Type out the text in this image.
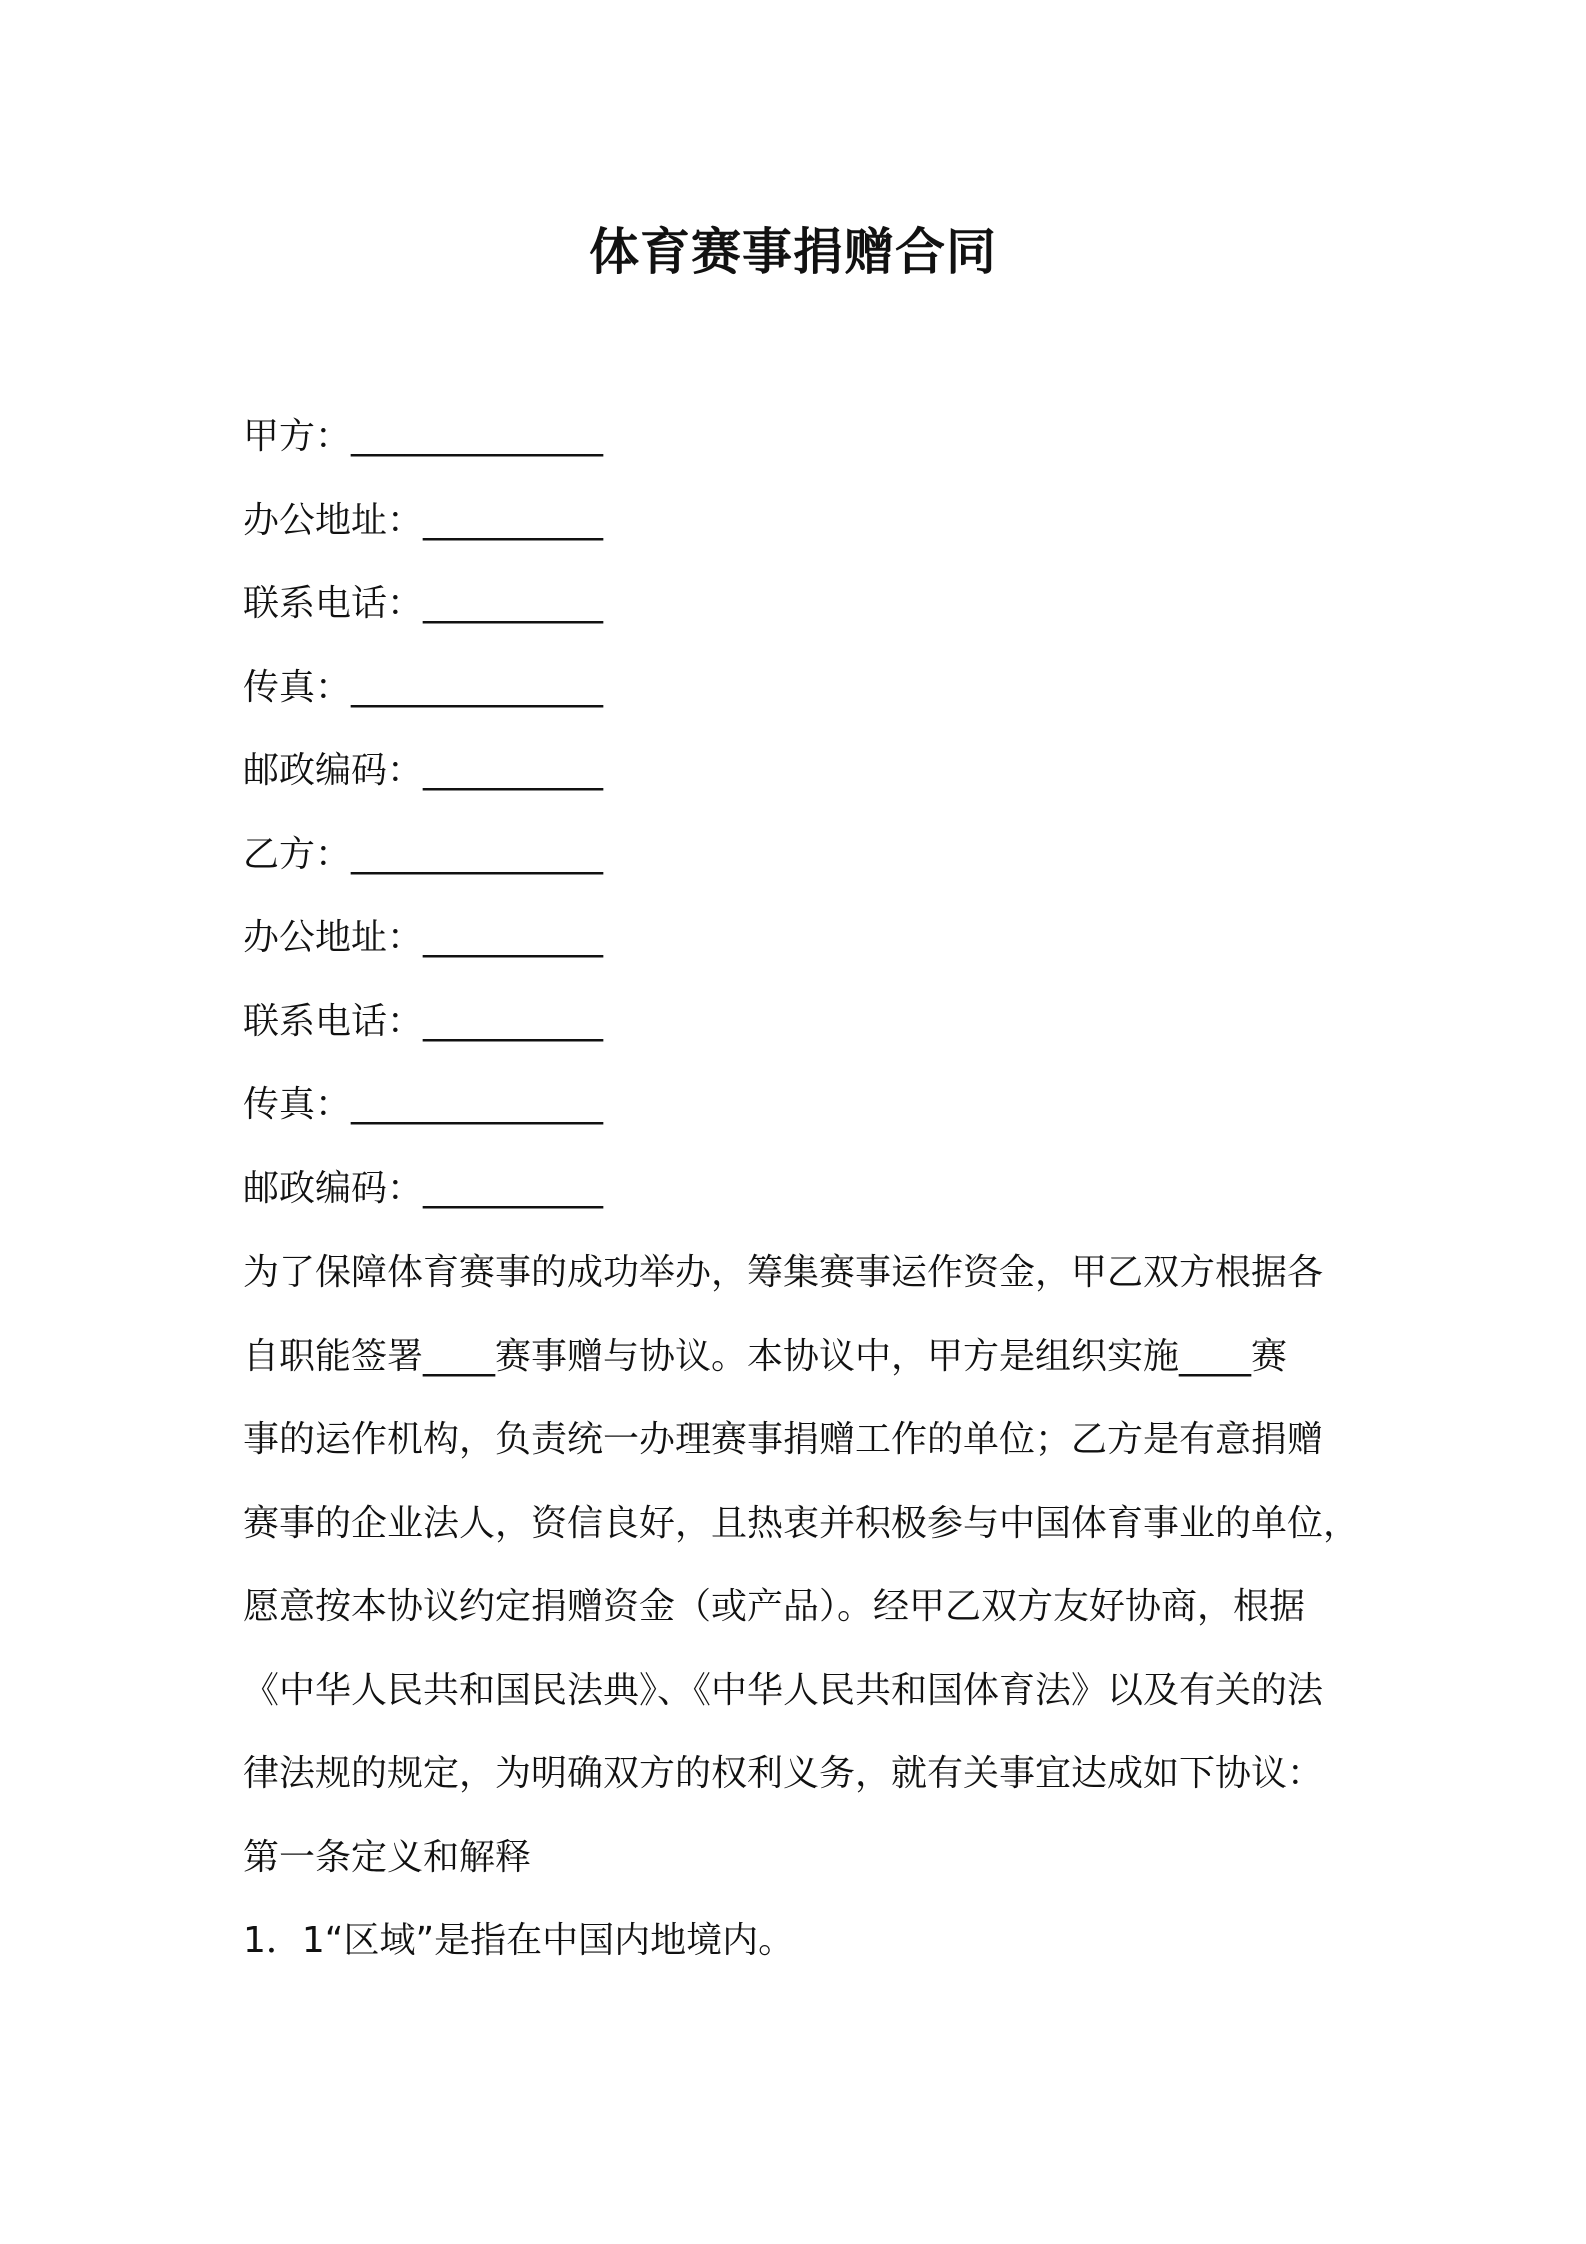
体育赛事捐赠合同
甲方：______________
办公地址：__________
联系电话：__________
传真：______________
邮政编码：__________
乙方：______________
办公地址：__________
联系电话：__________
传真：______________
邮政编码：__________
为了保障体育赛事的成功举办，筹集赛事运作资金，甲乙双方根据各
自职能签署____赛事赠与协议。本协议中，甲方是组织实施____赛
事的运作机构，负责统一办理赛事捐赠工作的单位；乙方是有意捐赠
赛事的企业法人，资信良好，且热衷并积极参与中国体育事业的单位，
愿意按本协议约定捐赠资金（或产品）。经甲乙双方友好协商，根据
《中华人民共和国民法典》、《中华人民共和国体育法》以及有关的法
律法规的规定，为明确双方的权利义务，就有关事宜达成如下协议：
第一条定义和解释
1．1“区域”是指在中国内地境内。
